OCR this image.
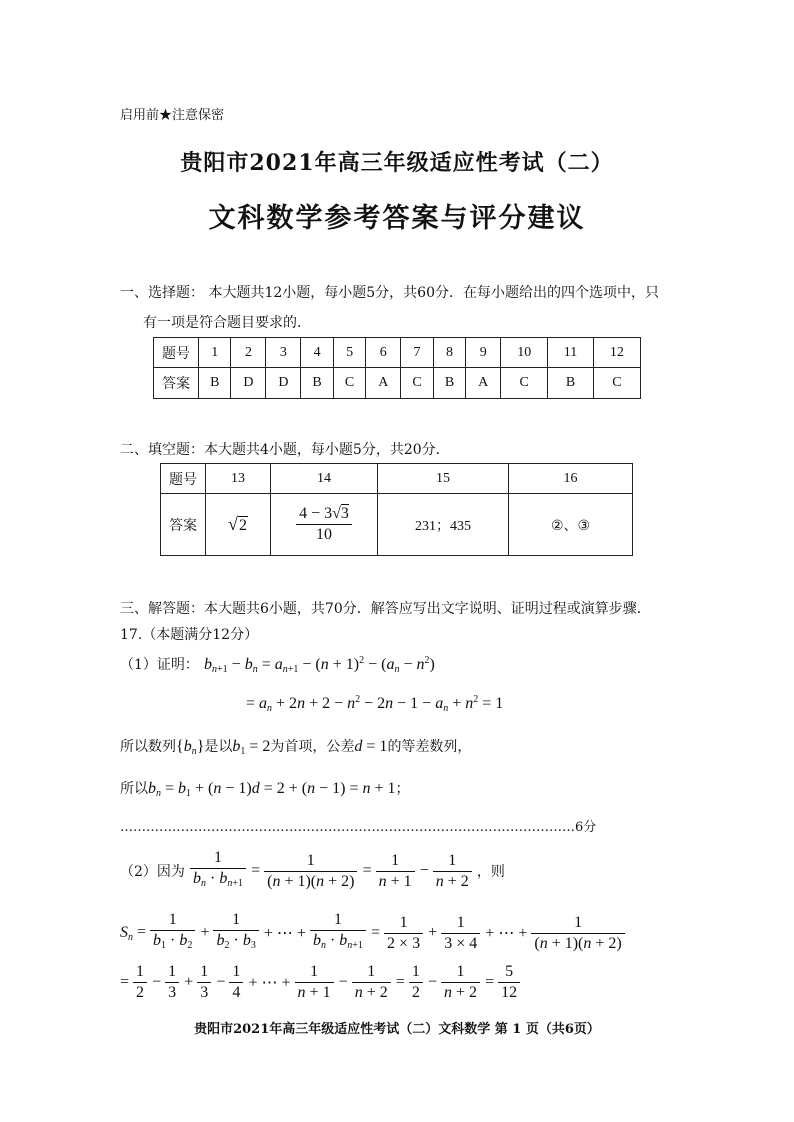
启用前★注意保密
贵阳市2021年高三年级适应性考试（二）
文科数学参考答案与评分建议
一、选择题： 本大题共12小题，每小题5分，共60分．在每小题给出的四个选项中，只
有一项是符合题目要求的．
题号	1	2	3	4	5	6	7	8	9	10	11	12
答案	B	D	D	B	C	A	C	B	A	C	B	C
二、填空题：本大题共4小题，每小题5分，共20分．
题号	13	14	15	16
答案	√2	$\frac{4 - 3√3}{10}$	231；435	②、③
三、解答题：本大题共6小题，共70分．解答应写出文字说明、证明过程或演算步骤．
17.（本题满分12分）
（1）证明： $b_{n+1} - b_n = a_{n+1} - (n + 1)^2 - (a_n - n^2)$
= $a_n + 2n + 2 - n^2 - 2n - 1 - a_n + n^2 = 1$
所以数列$\{b_n\}$是以$b_1 = 2$为首项，公差d = 1的等差数列，
所以$b_n = b_1 + (n - 1)d = 2 + (n - 1) = n + 1$；
……………………………………………………………………………………………6分
（2）因为 $\frac{1}{b_n \cdot b_{n+1}} = \frac{1}{(n + 1)(n + 2)} = \frac{1}{n + 1} - \frac{1}{n + 2}$ ，则
$S_n = \frac{1}{b_1 \cdot b_2} + \frac{1}{b_2 \cdot b_3}$ + ⋯ + $\frac{1}{b_n \cdot b_{n+1}} = \frac{1}{2 \times 3} + \frac{1}{3 \times 4}$ + ⋯ + $\frac{1}{(n + 1)(n + 2)}$
= $\frac{1}{2} - \frac{1}{3} + \frac{1}{3} - \frac{1}{4}$ + ⋯ + $\frac{1}{n + 1} - \frac{1}{n + 2} = \frac{1}{2} - \frac{1}{n + 2} = \frac{5}{12}$
贵阳市2021年高三年级适应性考试（二）文科数学 第 1 页（共6页）
